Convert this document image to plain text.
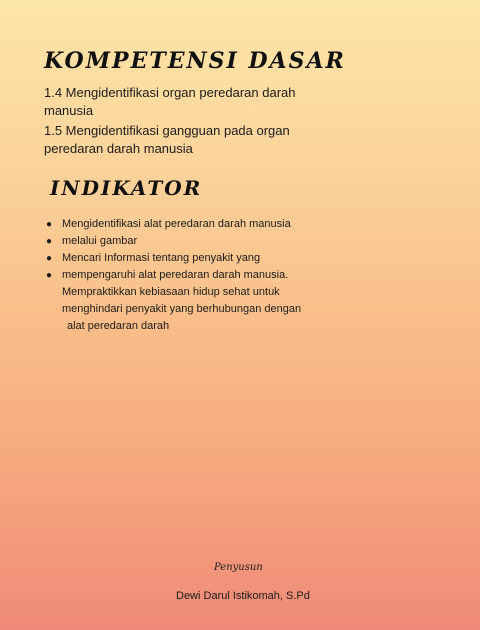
KOMPETENSI DASAR

1.4 Mengidentifikasi organ peredaran darah manusia

1.5 Mengidentifikasi gangguan pada organ peredaran darah manusia

INDIKATOR
● Mengidentifikasi alat peredaran darah manusia
● melalui gambar
● Mencari Informasi tentang penyakit yang
● mempengaruhi alat peredaran darah manusia.
Mempraktikkan kebiasaan hidup sehat untuk
menghindari penyakit yang berhubungan dengan
alat peredaran darah
Penyusun
Dewi Darul Istikomah, S.Pd
